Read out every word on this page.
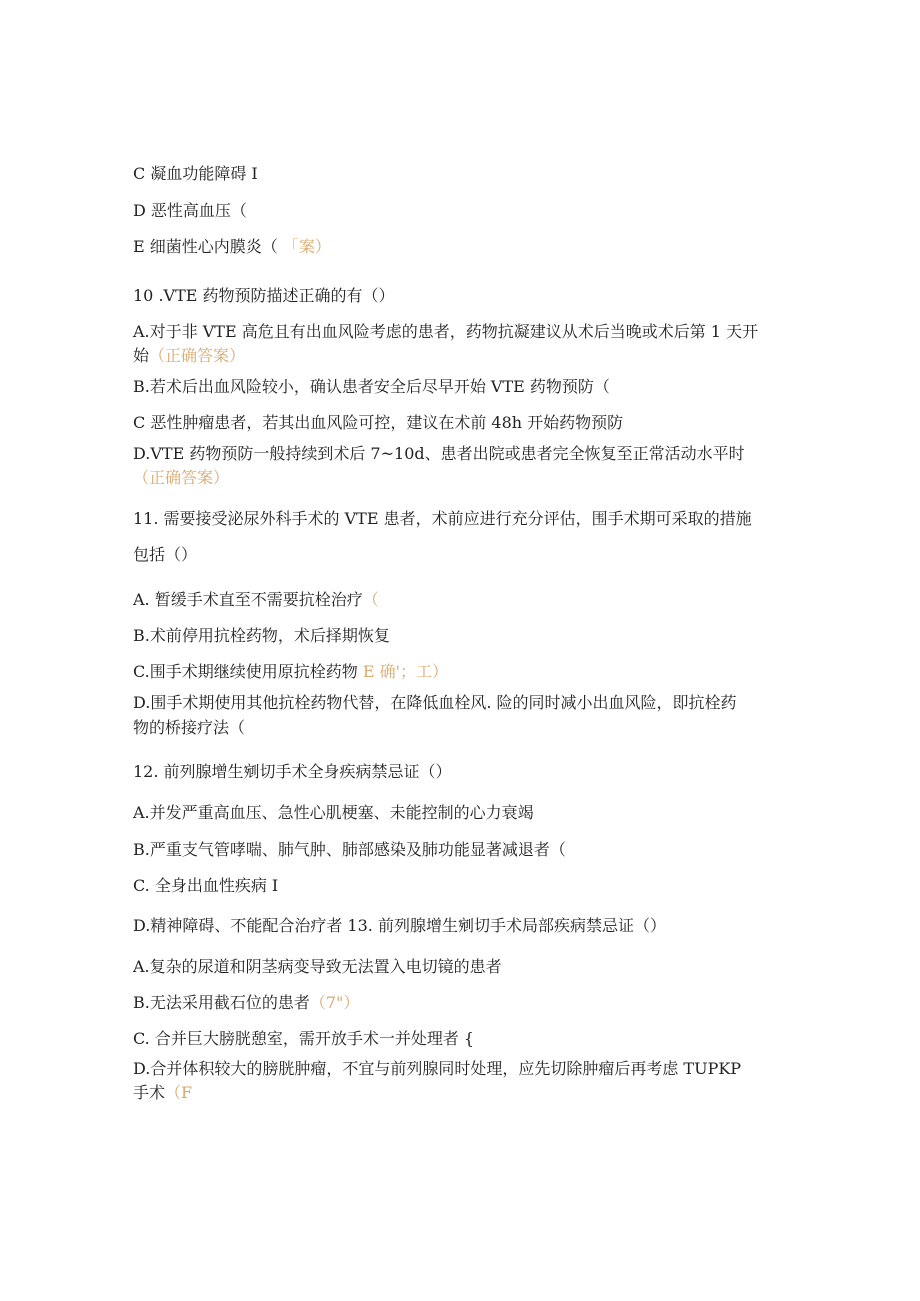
C 凝血功能障碍 I
D 恶性高血压（
E 细菌性心内膜炎（ 「案）
10 .VTE 药物预防描述正确的有（）
A.对于非 VTE 高危且有出血风险考虑的患者，药物抗凝建议从术后当晚或术后第 1 天开
始（正确答案）
B.若术后出血风险较小，确认患者安全后尽早开始 VTE 药物预防（
C 恶性肿瘤患者，若其出血风险可控，建议在术前 48h 开始药物预防
D.VTE 药物预防一般持续到术后 7~10d、患者出院或患者完全恢复至正常活动水平时
（正确答案）
11. 需要接受泌尿外科手术的 VTE 患者，术前应进行充分评估，围手术期可采取的措施
包括（）
A. 暂缓手术直至不需要抗栓治疗（
B.术前停用抗栓药物，术后择期恢复
C.围手术期继续使用原抗栓药物 E 确'；工）
D.围手术期使用其他抗栓药物代替，在降低血栓风. 险的同时减小出血风险，即抗栓药
物的桥接疗法（
12. 前列腺增生剜切手术全身疾病禁忌证（）
A.并发严重高血压、急性心肌梗塞、未能控制的心力衰竭
B.严重支气管哮喘、肺气肿、肺部感染及肺功能显著减退者（
C. 全身出血性疾病 I
D.精神障碍、不能配合治疗者 13. 前列腺增生剜切手术局部疾病禁忌证（）
A.复杂的尿道和阴茎病变导致无法置入电切镜的患者
B.无法采用截石位的患者（7"）
C. 合并巨大膀胱憩室，需开放手术一并处理者 {
D.合并体积较大的膀胱肿瘤，不宜与前列腺同时处理，应先切除肿瘤后再考虑 TUPKP
手术（F
